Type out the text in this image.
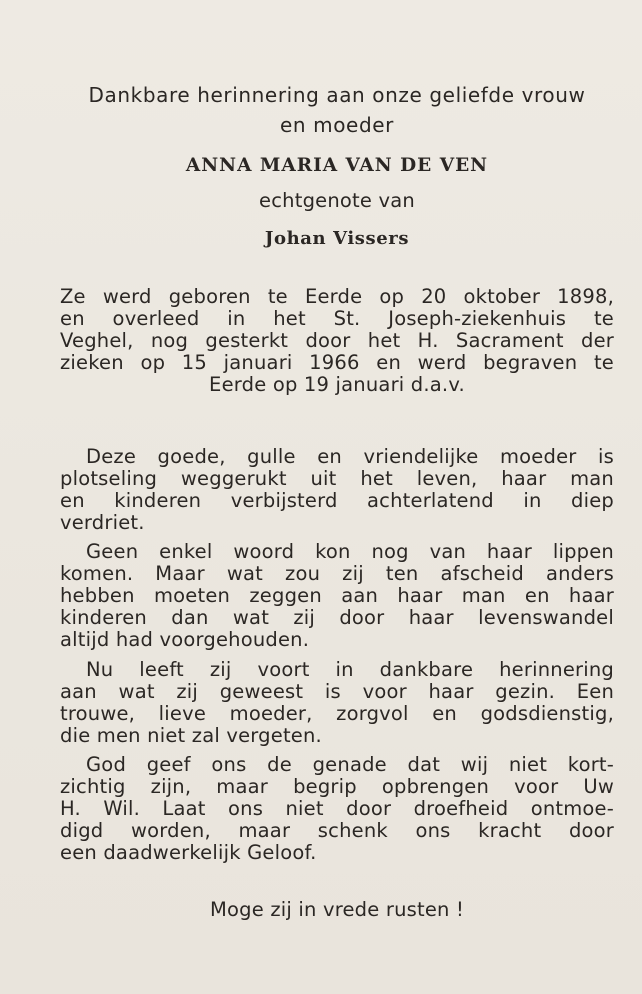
Dankbare herinnering aan onze geliefde vrouw
en moeder
ANNA MARIA VAN DE VEN
echtgenote van
Johan Vissers
Ze werd geboren te Eerde op 20 oktober 1898,
en overleed in het St. Joseph-ziekenhuis te
Veghel, nog gesterkt door het H. Sacrament der
zieken op 15 januari 1966 en werd begraven te
Eerde op 19 januari d.a.v.
Deze goede, gulle en vriendelijke moeder is
plotseling weggerukt uit het leven, haar man
en kinderen verbijsterd achterlatend in diep
verdriet.
Geen enkel woord kon nog van haar lippen
komen. Maar wat zou zij ten afscheid anders
hebben moeten zeggen aan haar man en haar
kinderen dan wat zij door haar levenswandel
altijd had voorgehouden.
Nu leeft zij voort in dankbare herinnering
aan wat zij geweest is voor haar gezin. Een
trouwe, lieve moeder, zorgvol en godsdienstig,
die men niet zal vergeten.
God geef ons de genade dat wij niet kort-
zichtig zijn, maar begrip opbrengen voor Uw
H. Wil. Laat ons niet door droefheid ontmoe-
digd worden, maar schenk ons kracht door
een daadwerkelijk Geloof.
Moge zij in vrede rusten !
